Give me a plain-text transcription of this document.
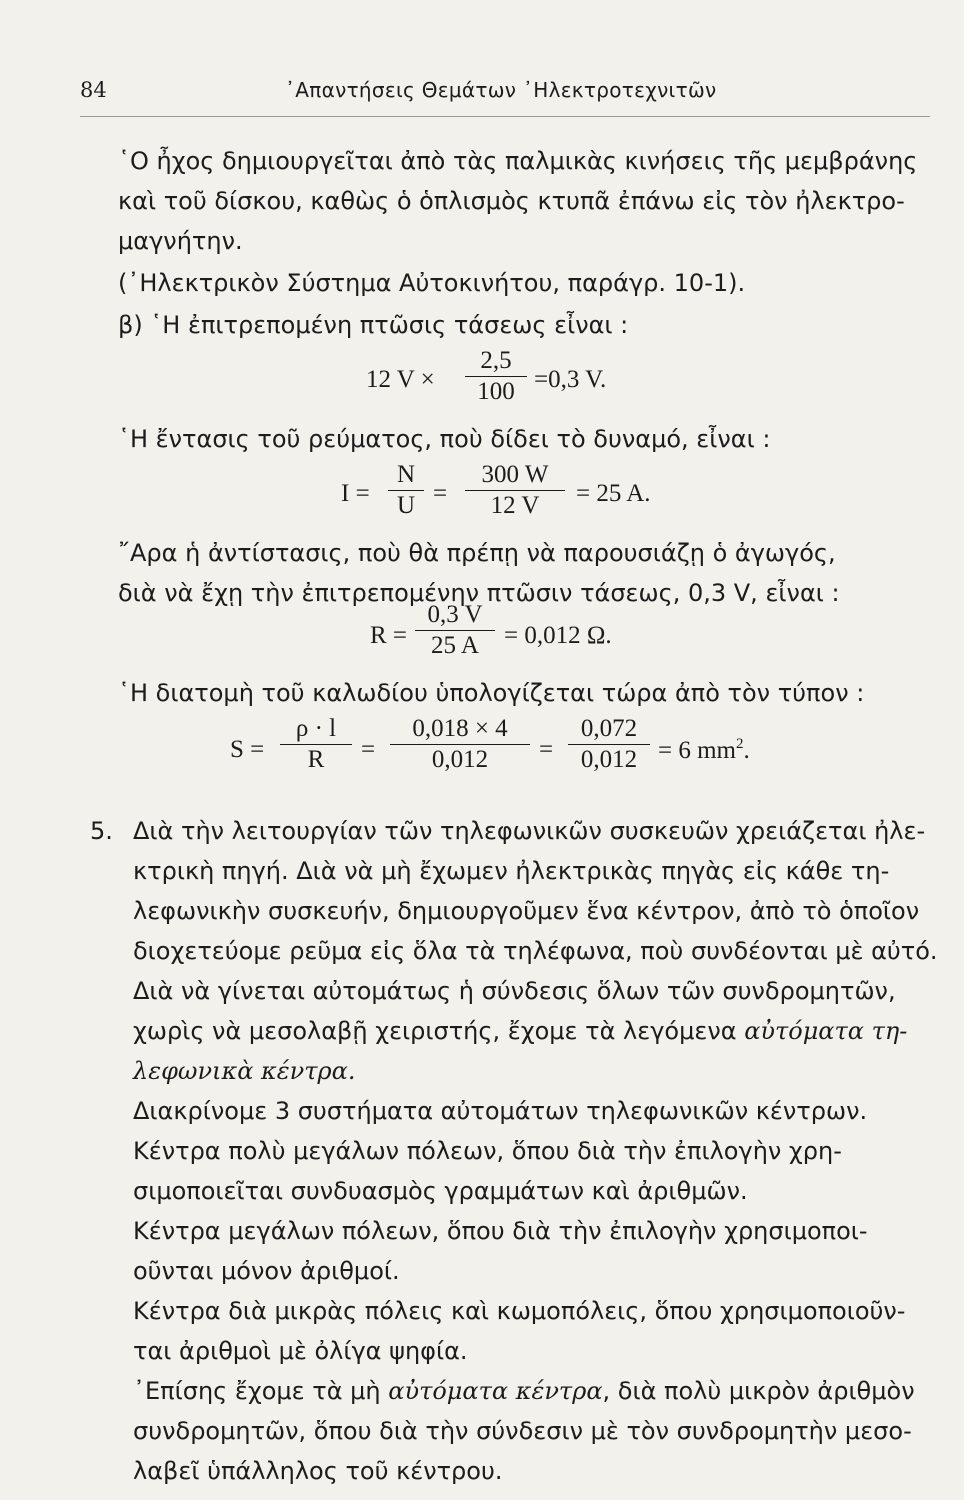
84	᾿Απαντήσεις Θεμάτων ᾿Ηλεκτροτεχνιτῶν
῾Ο ἦχος δημιουργεῖται ἀπὸ τὰς παλμικὰς κινήσεις τῆς μεμβράνης
καὶ τοῦ δίσκου, καθὼς ὁ ὁπλισμὸς κτυπᾶ ἐπάνω εἰς τὸν ἠλεκτρο-
μαγνήτην.
(᾿Ηλεκτρικὸν Σύστημα Αὐτοκινήτου, παράγρ. 10-1).
β) ῾Η ἐπιτρεπομένη πτῶσις τάσεως εἶναι :
12 V ×
2,5
100 =0,3 V.
῾Η ἔντασις τοῦ ρεύματος, ποὺ δίδει τὸ δυναμό, εἶναι :
I =
N
U =
300 W
12 V	= 25 A.
῎Αρα ἡ ἀντίστασις, ποὺ θὰ πρέπῃ νὰ παρουσιάζῃ ὁ ἀγωγός,
διὰ νὰ ἔχῃ τὴν ἐπιτρεπομένην πτῶσιν τάσεως, 0,3 V, εἶναι :
R =
0,3 V
25 A	= 0,012 Ω.
῾Η διατομὴ τοῦ καλωδίου ὑπολογίζεται τώρα ἀπὸ τὸν τύπον :
S =
ρ · l
R	=
0,018 × 4
0,012	=
0,072
0,012 = 6 $mm^2$.
5. Διὰ τὴν λειτουργίαν τῶν τηλεφωνικῶν συσκευῶν χρειάζεται ἠλε-
κτρικὴ πηγή. Διὰ νὰ μὴ ἔχωμεν ἠλεκτρικὰς πηγὰς εἰς κάθε τη-
λεφωνικὴν συσκευήν, δημιουργοῦμεν ἕνα κέντρον, ἀπὸ τὸ ὁποῖον
διοχετεύομε ρεῦμα εἰς ὅλα τὰ τηλέφωνα, ποὺ συνδέονται μὲ αὐτό.
Διὰ νὰ γίνεται αὐτομάτως ἡ σύνδεσις ὅλων τῶν συνδρομητῶν,
χωρὶς νὰ μεσολαβῇ χειριστής, ἔχομε τὰ λεγόμενα αὐτόματα τη-
λεφωνικὰ κέντρα.
Διακρίνομε 3 συστήματα αὐτομάτων τηλεφωνικῶν κέντρων.
Κέντρα πολὺ μεγάλων πόλεων, ὅπου διὰ τὴν ἐπιλογὴν χρη-
σιμοποιεῖται συνδυασμὸς γραμμάτων καὶ ἀριθμῶν.
Κέντρα μεγάλων πόλεων, ὅπου διὰ τὴν ἐπιλογὴν χρησιμοποι-
οῦνται μόνον ἀριθμοί.
Κέντρα διὰ μικρὰς πόλεις καὶ κωμοπόλεις, ὅπου χρησιμοποιοῦν-
ται ἀριθμοὶ μὲ ὀλίγα ψηφία.
᾿Επίσης ἔχομε τὰ μὴ αὐτόματα κέντρα, διὰ πολὺ μικρὸν ἀριθμὸν
συνδρομητῶν, ὅπου διὰ τὴν σύνδεσιν μὲ τὸν συνδρομητὴν μεσο-
λαβεῖ ὑπάλληλος τοῦ κέντρου.
